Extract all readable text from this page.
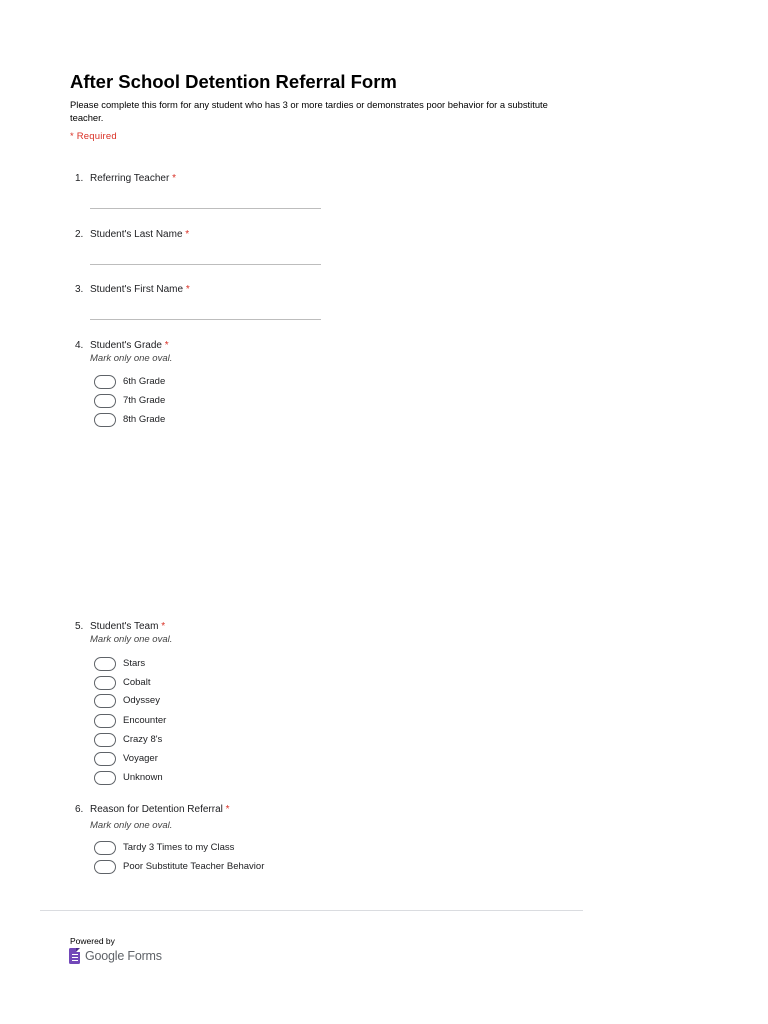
After School Detention Referral Form

Please complete this form for any student who has 3 or more tardies or demonstrates poor behavior for a substitute teacher.

* Required

1. Referring Teacher *
2. Student's Last Name *
3. Student's First Name *
4. Student's Grade *
Mark only one oval.
6th Grade
7th Grade
8th Grade
5. Student's Team *
Mark only one oval.
Stars
Cobalt
Odyssey
Encounter
Crazy 8's
Voyager
Unknown
6. Reason for Detention Referral *
Mark only one oval.
Tardy 3 Times to my Class
Poor Substitute Teacher Behavior
Powered by
Google Forms
